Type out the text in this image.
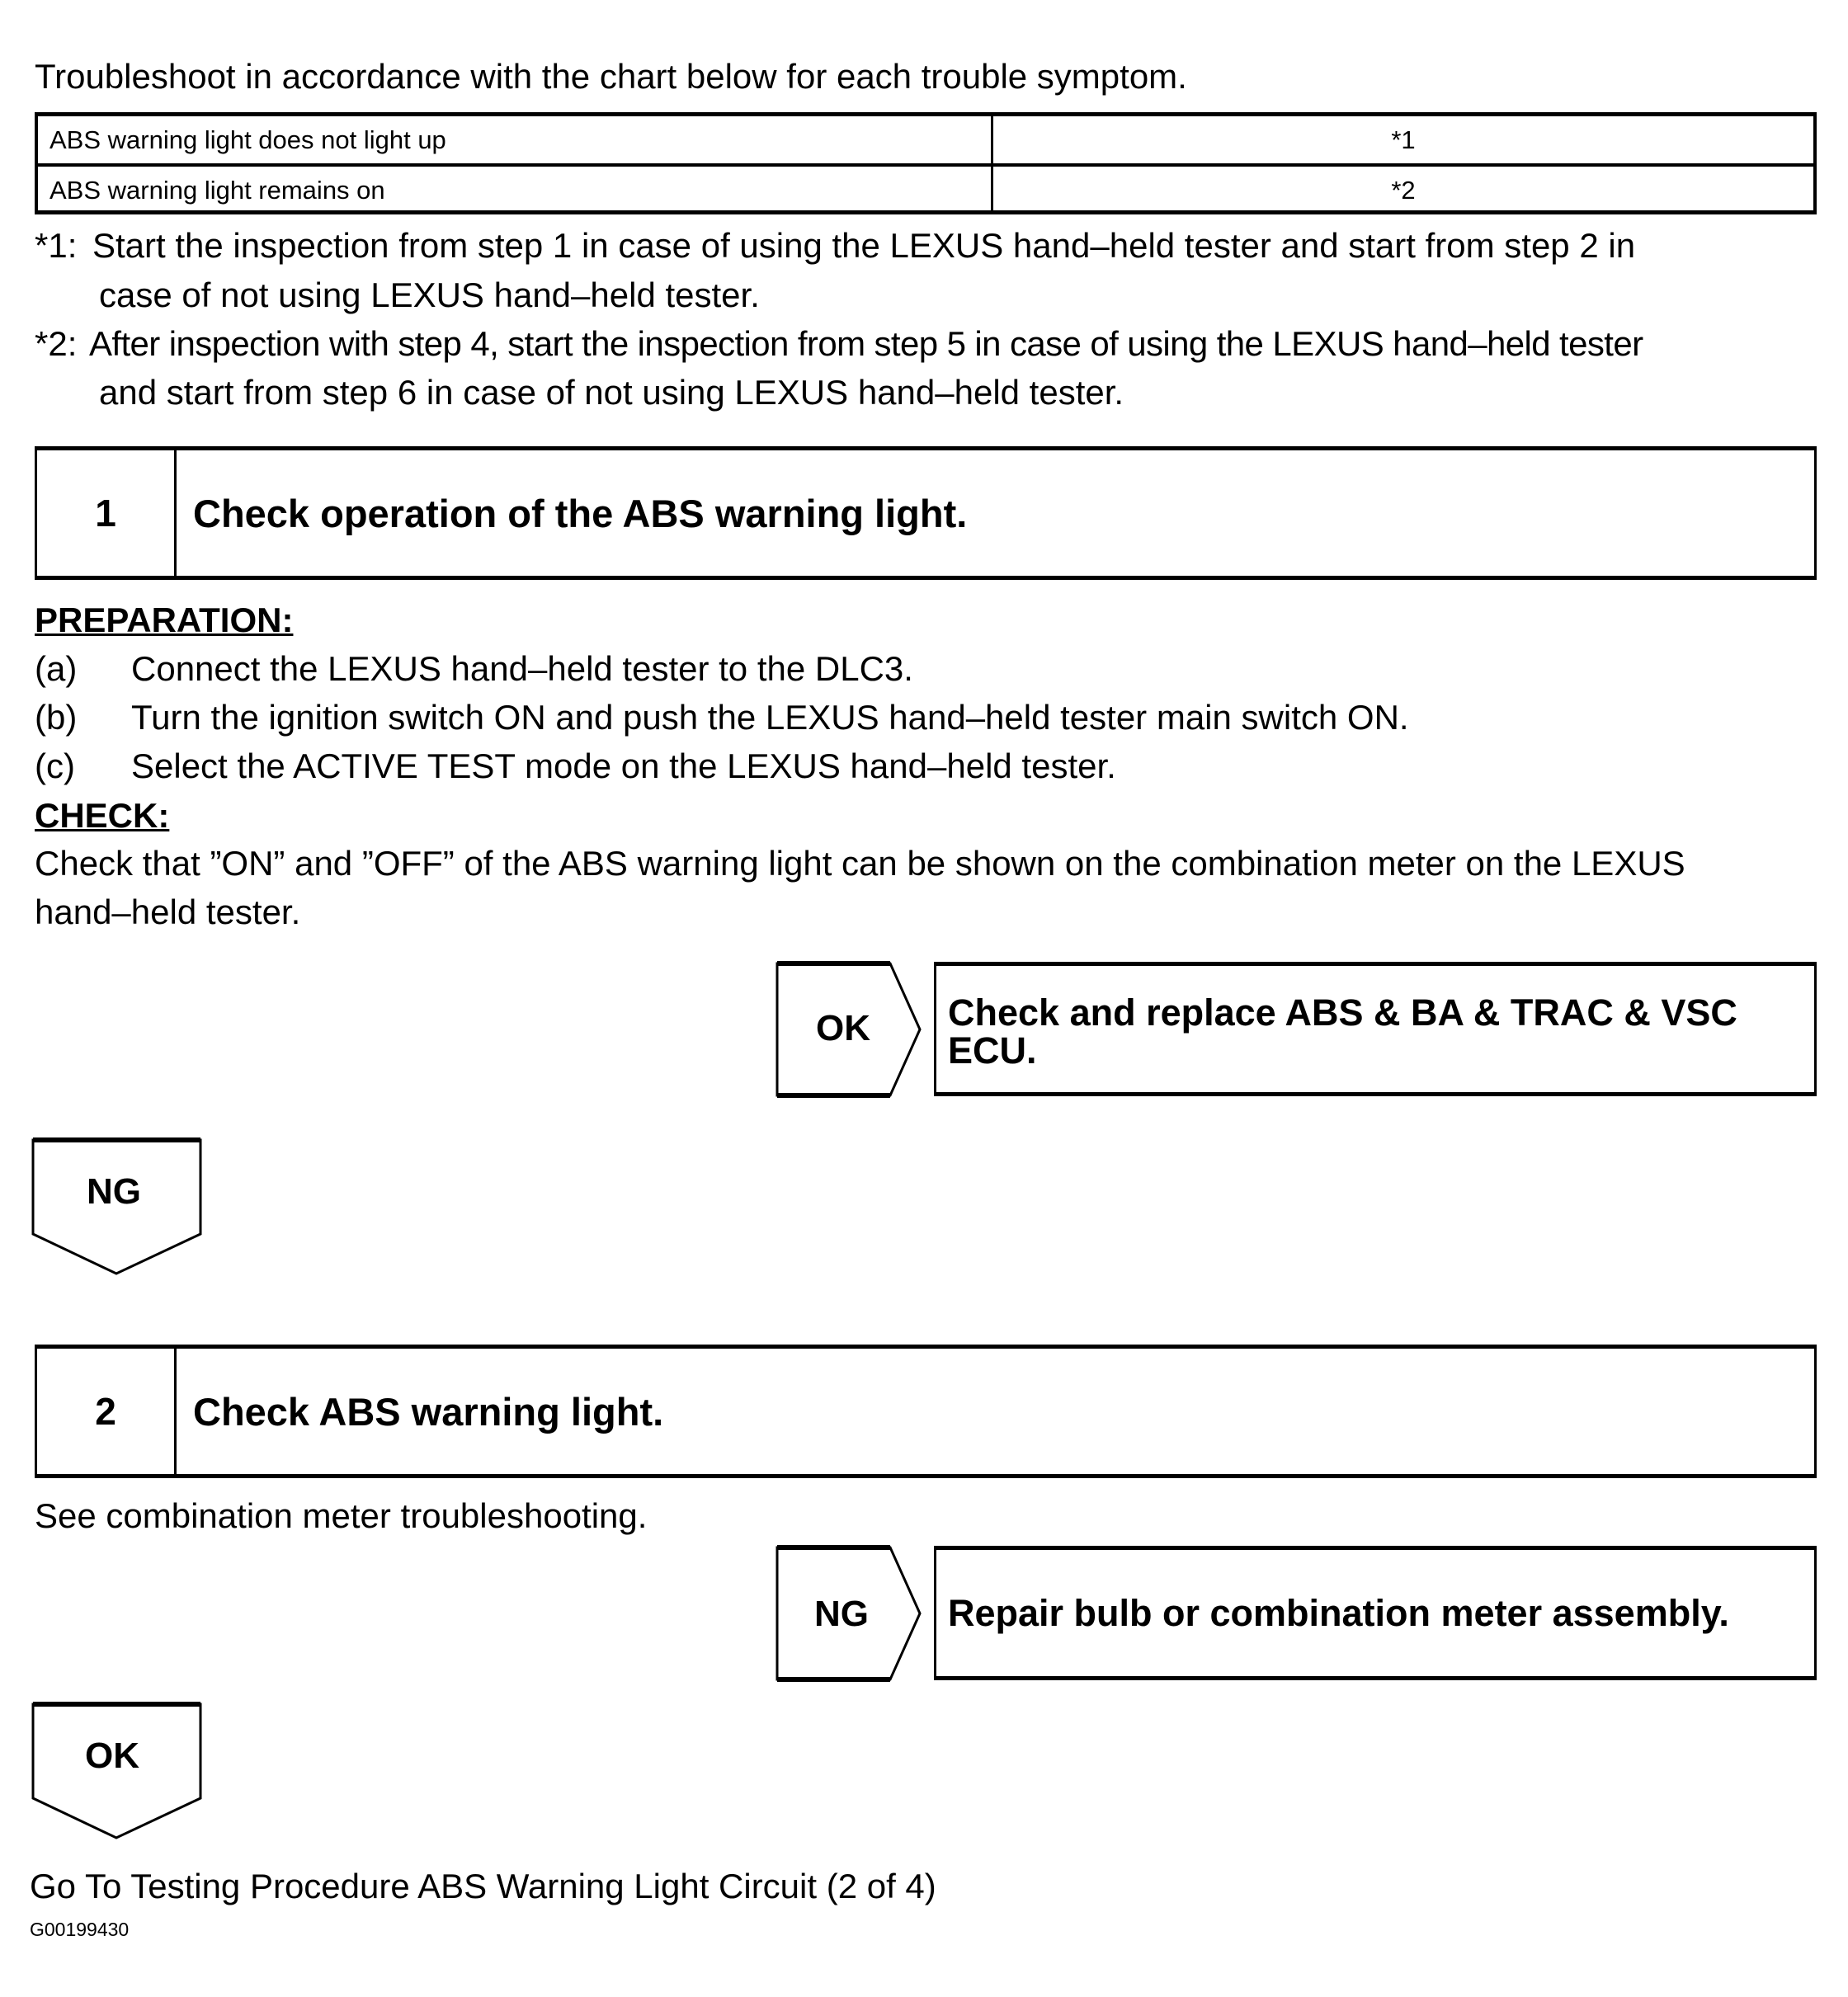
Troubleshoot in accordance with the chart below for each trouble symptom.
ABS warning light does not light up	*1
ABS warning light remains on	*2
*1: Start the inspection from step 1 in case of using the LEXUS hand–held tester and start from step 2 in
case of not using LEXUS hand–held tester.
*2: After inspection with step 4, start the inspection from step 5 in case of using the LEXUS hand–held tester
and start from step 6 in case of not using LEXUS hand–held tester.
1	Check operation of the ABS warning light.
PREPARATION:
(a) Connect the LEXUS hand–held tester to the DLC3.
(b) Turn the ignition switch ON and push the LEXUS hand–held tester main switch ON.
(c) Select the ACTIVE TEST mode on the LEXUS hand–held tester.
CHECK:
Check that ”ON” and ”OFF” of the ABS warning light can be shown on the combination meter on the LEXUS
hand–held tester.
OK	Check and replace ABS & BA & TRAC & VSC ECU.
NG
2	Check ABS warning light.
See combination meter troubleshooting.
NG	Repair bulb or combination meter assembly.
OK
Go To Testing Procedure ABS Warning Light Circuit (2 of 4)
G00199430
